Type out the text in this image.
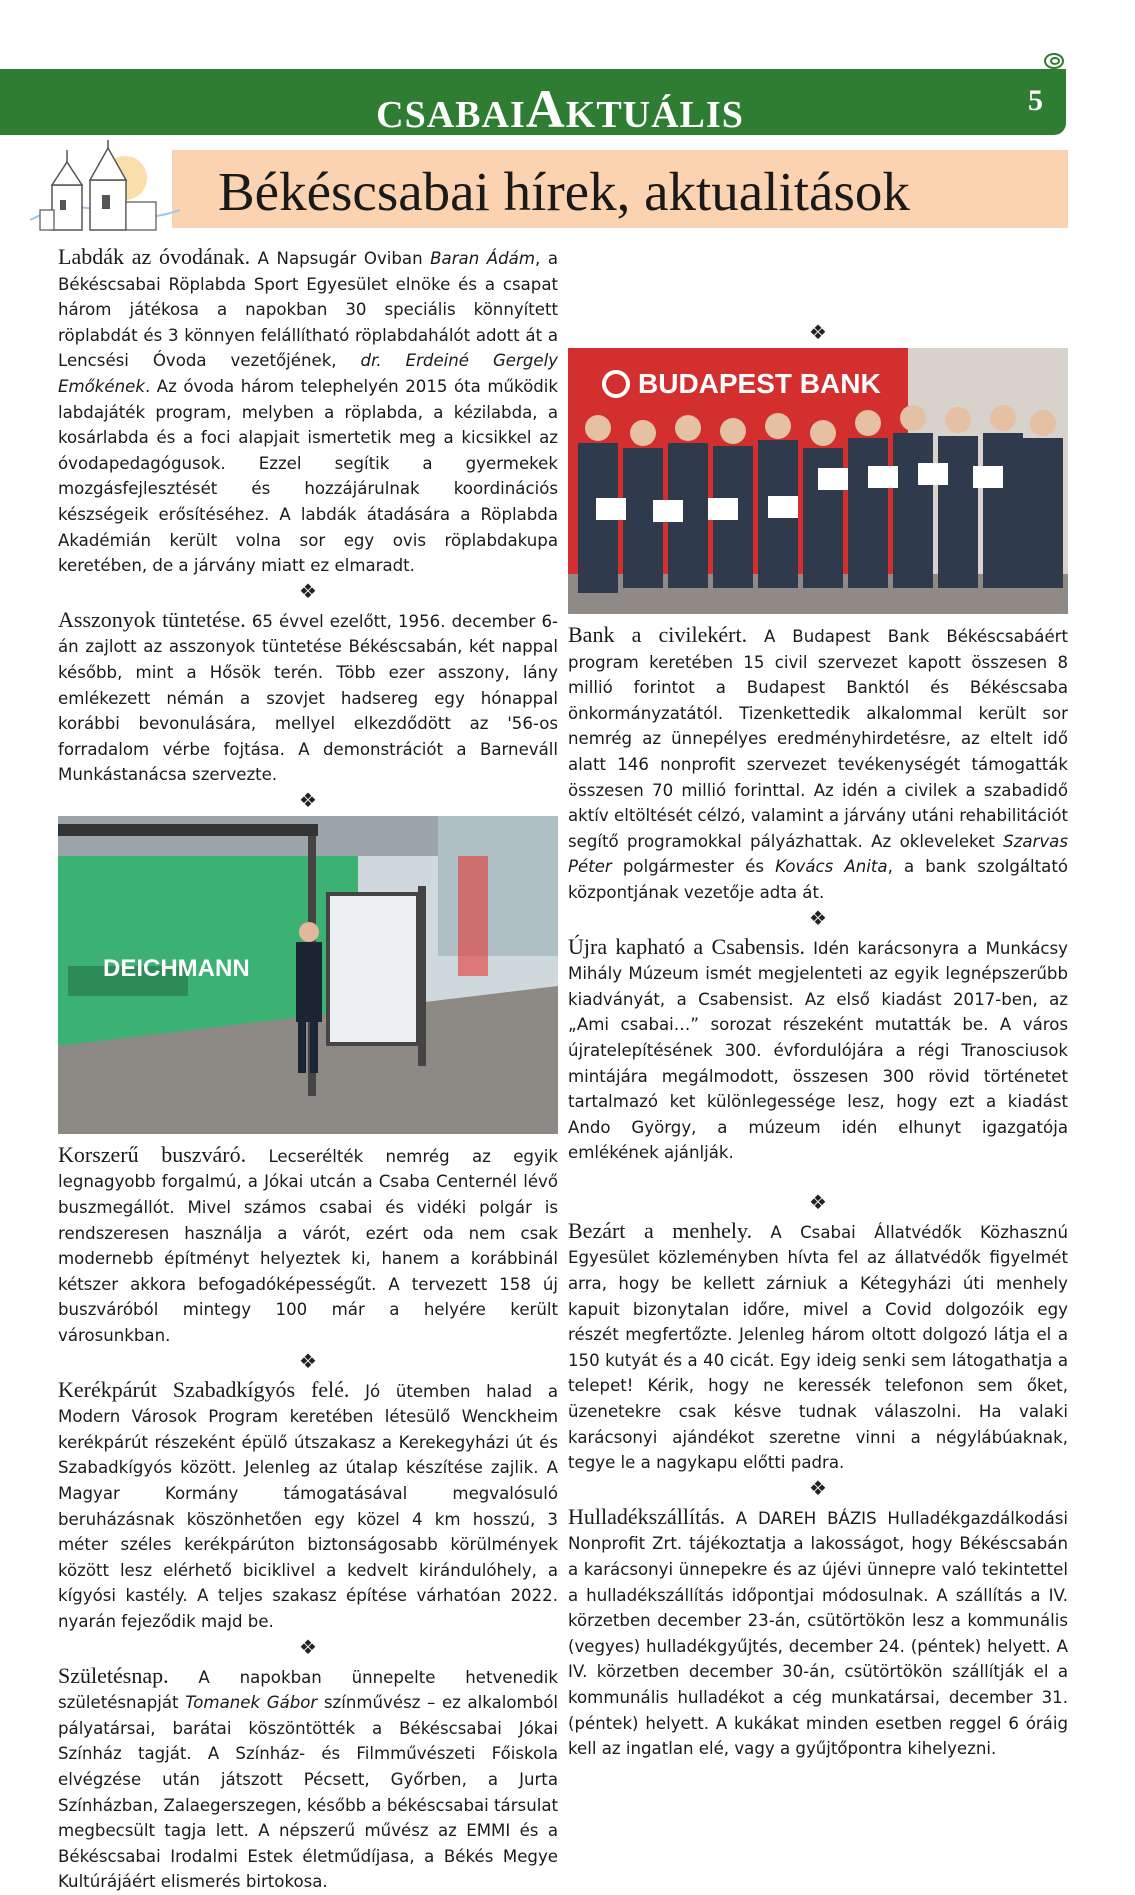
CSABAIAKTUÁLIS	5
Békéscsabai hírek, aktualitások

Labdák az óvodának. A Napsugár Oviban Baran Ádám, a Békéscsabai Röplabda Sport Egyesület elnöke és a csapat három játékosa a napokban 30 speciális könnyített röplabdát és 3 könnyen felállítható röplabdahálót adott át a Lencsési Óvoda vezetőjének, dr. Erdeiné Gergely Emőkének. Az óvoda három telephelyén 2015 óta működik labdajáték program, melyben a röplabda, a kézilabda, a kosárlabda és a foci alapjait ismertetik meg a kicsikkel az óvodapedagógusok. Ezzel segítik a gyermekek mozgásfejlesztését és hozzájárulnak koordinációs készségeik erősítéséhez. A labdák átadására a Röplabda Akadémián került volna sor egy ovis röplabdakupa keretében, de a járvány miatt ez elmaradt.

❖

Asszonyok tüntetése. 65 évvel ezelőtt, 1956. december 6-án zajlott az asszonyok tüntetése Békéscsabán, két nappal később, mint a Hősök terén. Több ezer asszony, lány emlékezett némán a szovjet hadsereg egy hónappal korábbi bevonulására, mellyel elkezdődött az '56-os forradalom vérbe fojtása. A demonstrációt a Barneváll Munkástanácsa szervezte.

❖
DEICHMANN

Korszerű buszváró. Lecserélték nemrég az egyik legnagyobb forgalmú, a Jókai utcán a Csaba Centernél lévő buszmegállót. Mivel számos csabai és vidéki polgár is rendszeresen használja a várót, ezért oda nem csak modernebb építményt helyeztek ki, hanem a korábbinál kétszer akkora befogadóképességűt. A tervezett 158 új buszváróból mintegy 100 már a helyére került városunkban.

❖

Kerékpárút Szabadkígyós felé. Jó ütemben halad a Modern Városok Program keretében létesülő Wenckheim kerékpárút részeként épülő útszakasz a Kerekegyházi út és Szabadkígyós között. Jelenleg az útalap készítése zajlik. A Magyar Kormány támogatásával megvalósuló beruházásnak köszönhetően egy közel 4 km hosszú, 3 méter széles kerékpárúton biztonságosabb körülmények között lesz elérhető biciklivel a kedvelt kirándulóhely, a kígyósi kastély. A teljes szakasz építése várhatóan 2022. nyarán fejeződik majd be.

❖

Születésnap. A napokban ünnepelte hetvenedik születésnapját Tomanek Gábor színművész – ez alkalomból pályatársai, barátai köszöntötték a Békéscsabai Jókai Színház tagját. A Színház- és Filmművészeti Főiskola elvégzése után játszott Pécsett, Győrben, a Jurta Színházban, Zalaegerszegen, később a békéscsabai társulat megbecsült tagja lett. A népszerű művész az EMMI és a Békéscsabai Irodalmi Estek életműdíjasa, a Békés Megye Kultúrájáért elismerés birtokosa.

❖
BUDAPEST BANK

Bank a civilekért. A Budapest Bank Békéscsabáért program keretében 15 civil szervezet kapott összesen 8 millió forintot a Budapest Banktól és Békéscsaba önkormányzatától. Tizenkettedik alkalommal került sor nemrég az ünnepélyes eredményhirdetésre, az eltelt idő alatt 146 nonprofit szervezet tevékenységét támogatták összesen 70 millió forinttal. Az idén a civilek a szabadidő aktív eltöltését célzó, valamint a járvány utáni rehabilitációt segítő programokkal pályázhattak. Az okleveleket Szarvas Péter polgármester és Kovács Anita, a bank szolgáltató központjának vezetője adta át.

❖

Újra kapható a Csabensis. Idén karácsonyra a Munkácsy Mihály Múzeum ismét megjelenteti az egyik legnépszerűbb kiadványát, a Csabensist. Az első kiadást 2017-ben, az „Ami csabai…” sorozat részeként mutatták be. A város újratelepítésének 300. évfordulójára a régi Tranosciusok mintájára megálmodott, összesen 300 rövid történetet tartalmazó ket különlegessége lesz, hogy ezt a kiadást Ando György, a múzeum idén elhunyt igazgatója emlékének ajánlják.

❖

Bezárt a menhely. A Csabai Állatvédők Közhasznú Egyesület közleményben hívta fel az állatvédők figyelmét arra, hogy be kellett zárniuk a Kétegyházi úti menhely kapuit bizonytalan időre, mivel a Covid dolgozóik egy részét megfertőzte. Jelenleg három oltott dolgozó látja el a 150 kutyát és a 40 cicát. Egy ideig senki sem látogathatja a telepet! Kérik, hogy ne keressék telefonon sem őket, üzenetekre csak késve tudnak válaszolni. Ha valaki karácsonyi ajándékot szeretne vinni a négylábúaknak, tegye le a nagykapu előtti padra.

❖

Hulladékszállítás. A DAREH BÁZIS Hulladékgazdálkodási Nonprofit Zrt. tájékoztatja a lakosságot, hogy Békéscsabán a karácsonyi ünnepekre és az újévi ünnepre való tekintettel a hulladékszállítás időpontjai módosulnak. A szállítás a IV. körzetben december 23-án, csütörtökön lesz a kommunális (vegyes) hulladékgyűjtés, december 24. (péntek) helyett. A IV. körzetben december 30-án, csütörtökön szállítják el a kommunális hulladékot a cég munkatársai, december 31. (péntek) helyett. A kukákat minden esetben reggel 6 óráig kell az ingatlan elé, vagy a gyűjtőpontra kihelyezni.
